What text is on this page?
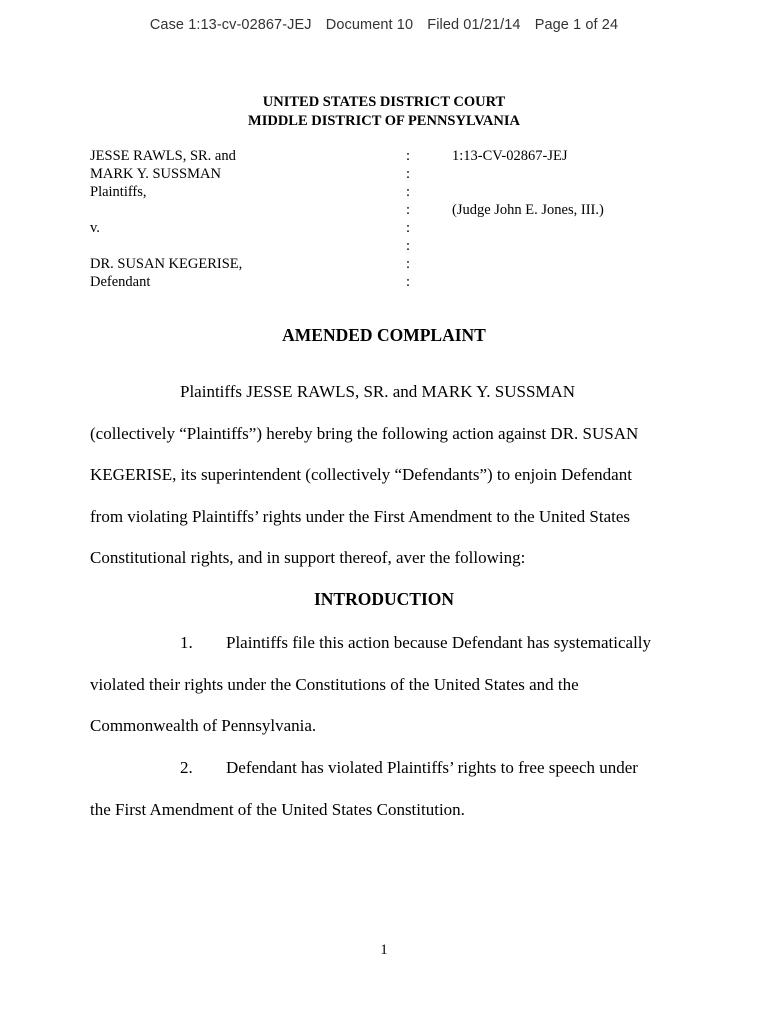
Case 1:13-cv-02867-JEJ Document 10 Filed 01/21/14 Page 1 of 24
UNITED STATES DISTRICT COURT
MIDDLE DISTRICT OF PENNSYLVANIA
JESSE RAWLS, SR. and
MARK Y. SUSSMAN
Plaintiffs,
v.
DR. SUSAN KEGERISE,
Defendant
:
:
:
:
:
:
:
:
1:13-CV-02867-JEJ
(Judge John E. Jones, III.)
AMENDED COMPLAINT
Plaintiffs JESSE RAWLS, SR. and MARK Y. SUSSMAN
(collectively “Plaintiffs”) hereby bring the following action against DR. SUSAN
KEGERISE, its superintendent (collectively “Defendants”) to enjoin Defendant
from violating Plaintiffs’ rights under the First Amendment to the United States
Constitutional rights, and in support thereof, aver the following:
INTRODUCTION
1. Plaintiffs file this action because Defendant has systematically
violated their rights under the Constitutions of the United States and the
Commonwealth of Pennsylvania.
2. Defendant has violated Plaintiffs’ rights to free speech under
the First Amendment of the United States Constitution.
1
